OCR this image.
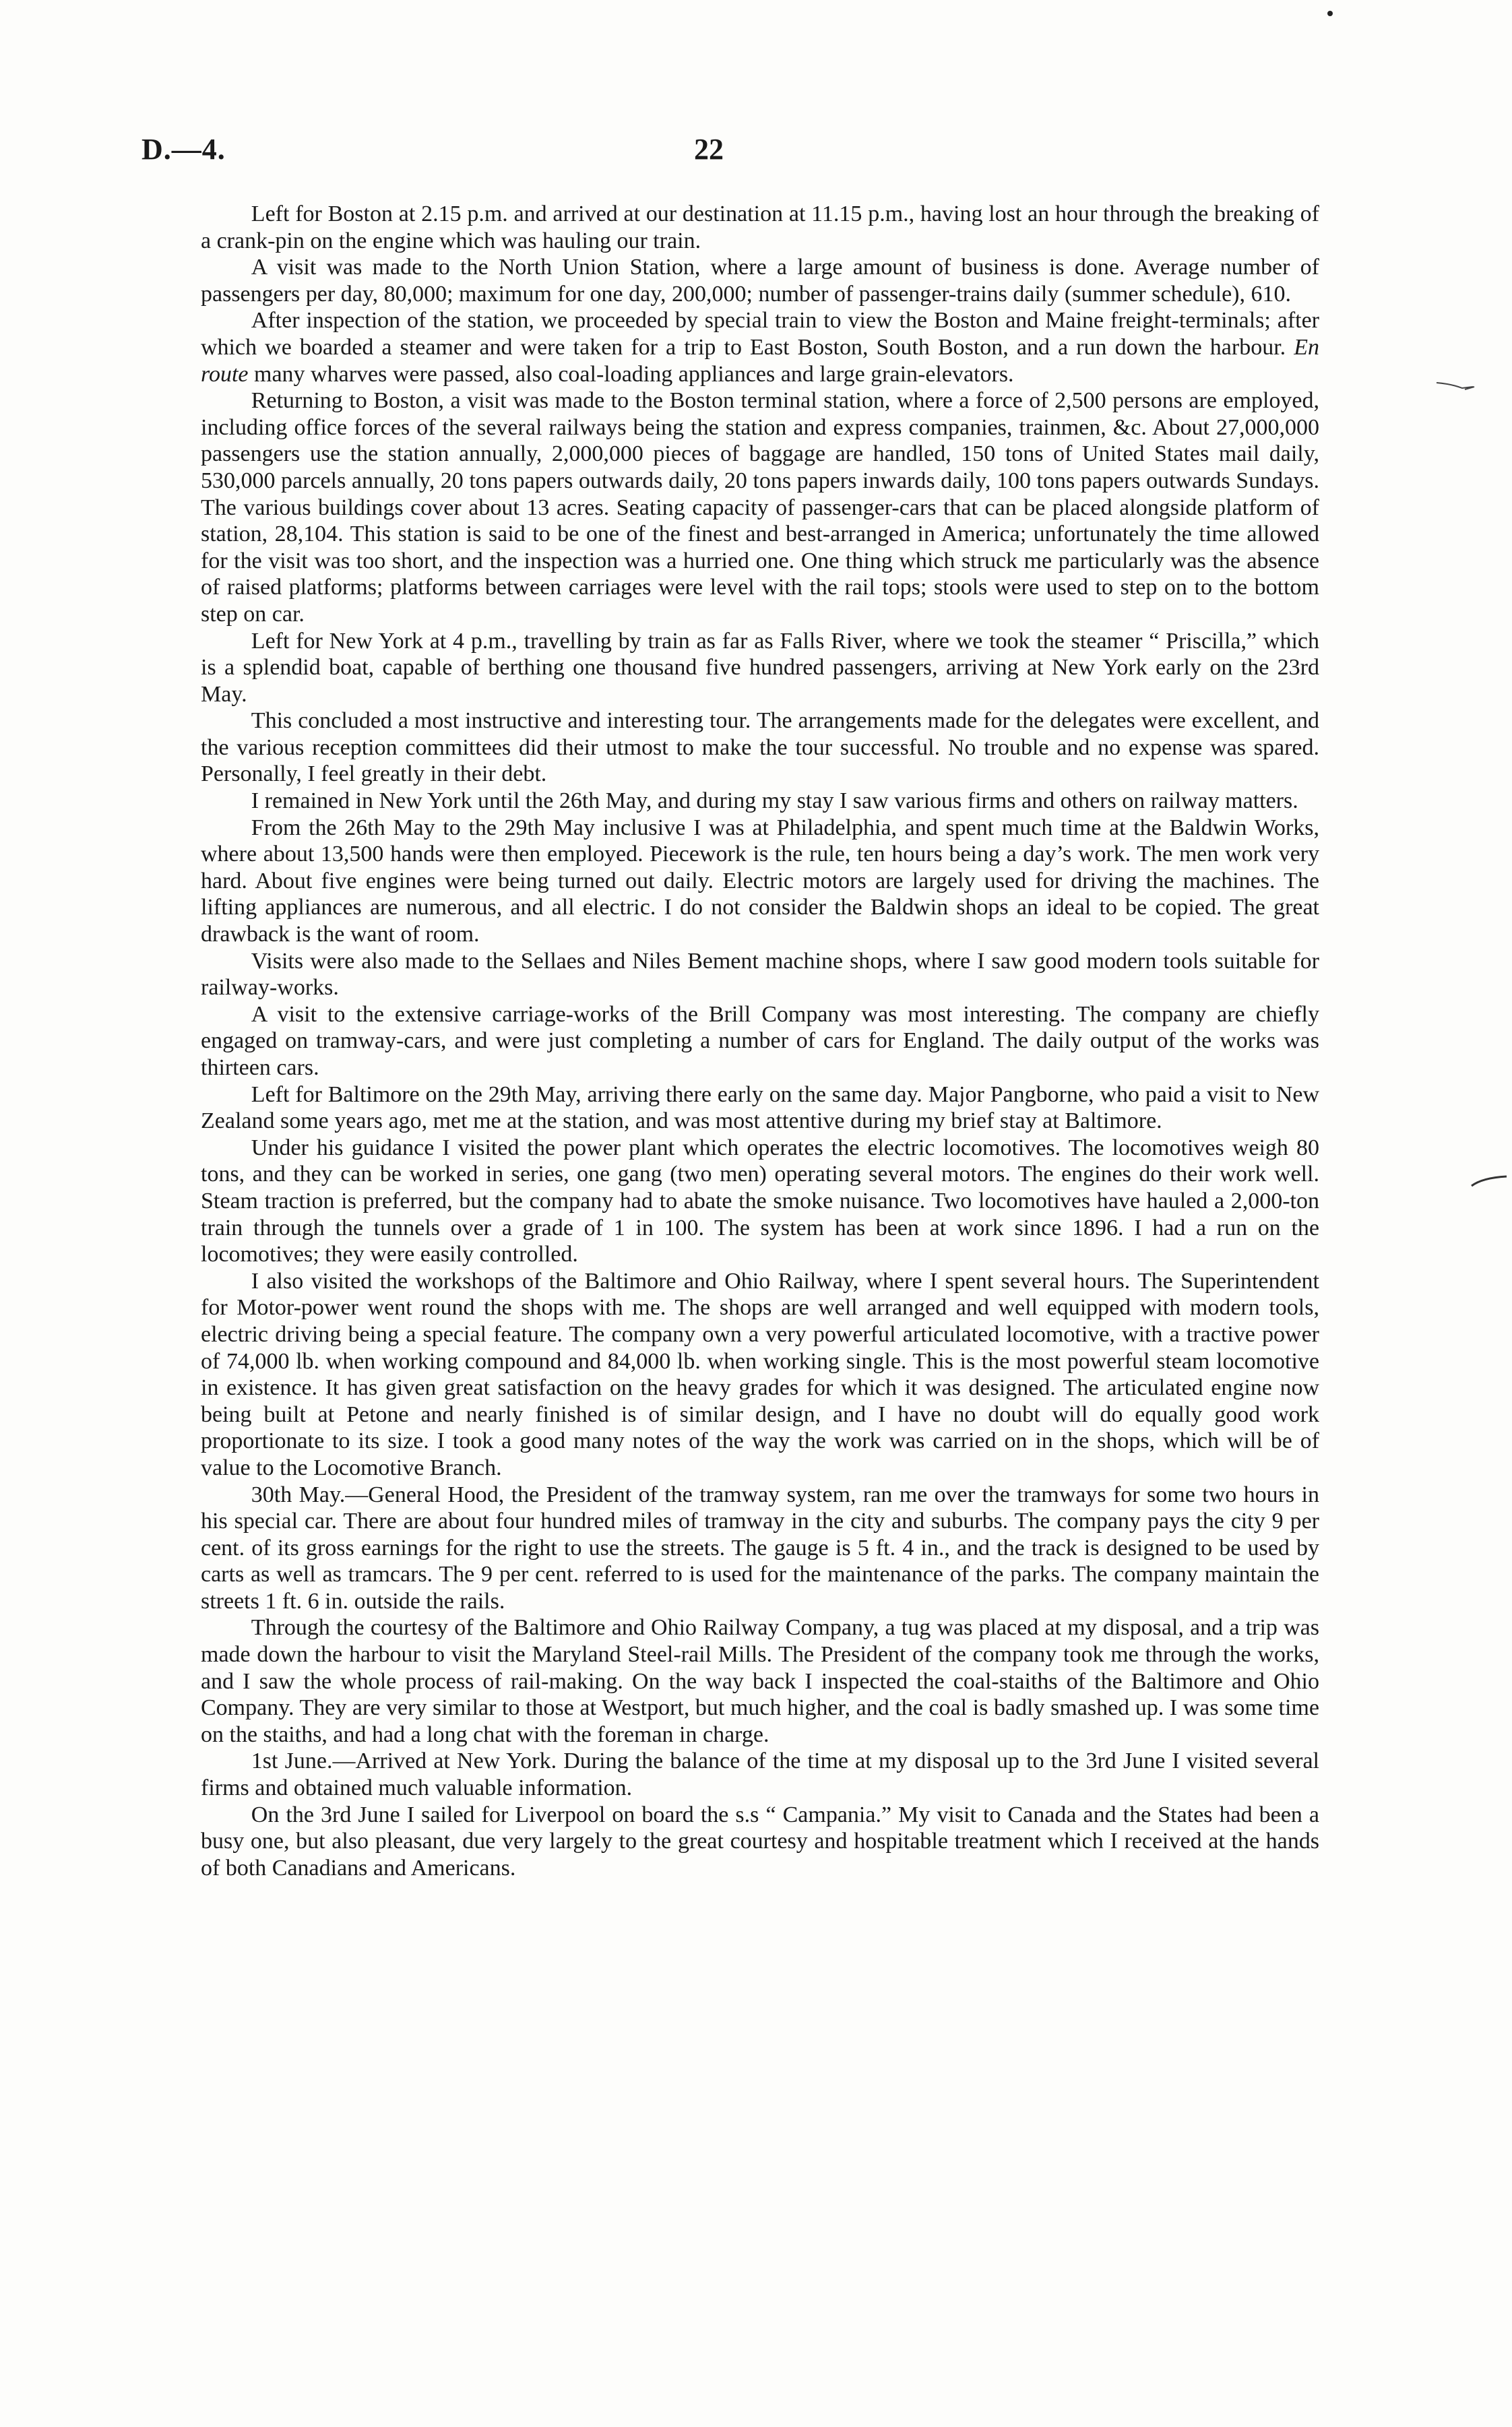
D.—4.	22

Left for Boston at 2.15 p.m. and arrived at our destination at 11.15 p.m., having lost an hour through the breaking of a crank-pin on the engine which was hauling our train.

A visit was made to the North Union Station, where a large amount of business is done. Average number of passengers per day, 80,000; maximum for one day, 200,000; number of passenger-trains daily (summer schedule), 610.

After inspection of the station, we proceeded by special train to view the Boston and Maine freight-terminals; after which we boarded a steamer and were taken for a trip to East Boston, South Boston, and a run down the harbour. En route many wharves were passed, also coal-loading appliances and large grain-elevators.

Returning to Boston, a visit was made to the Boston terminal station, where a force of 2,500 persons are employed, including office forces of the several railways being the station and express companies, trainmen, &c. About 27,000,000 passengers use the station annually, 2,000,000 pieces of baggage are handled, 150 tons of United States mail daily, 530,000 parcels annually, 20 tons papers outwards daily, 20 tons papers inwards daily, 100 tons papers outwards Sundays. The various buildings cover about 13 acres. Seating capacity of passenger-cars that can be placed alongside platform of station, 28,104. This station is said to be one of the finest and best-arranged in America; unfortunately the time allowed for the visit was too short, and the inspection was a hurried one. One thing which struck me particularly was the absence of raised platforms; platforms between carriages were level with the rail tops; stools were used to step on to the bottom step on car.

Left for New York at 4 p.m., travelling by train as far as Falls River, where we took the steamer “ Priscilla,” which is a splendid boat, capable of berthing one thousand five hundred passengers, arriving at New York early on the 23rd May.

This concluded a most instructive and interesting tour. The arrangements made for the delegates were excellent, and the various reception committees did their utmost to make the tour successful. No trouble and no expense was spared. Personally, I feel greatly in their debt.

I remained in New York until the 26th May, and during my stay I saw various firms and others on railway matters.

From the 26th May to the 29th May inclusive I was at Philadelphia, and spent much time at the Baldwin Works, where about 13,500 hands were then employed. Piecework is the rule, ten hours being a day’s work. The men work very hard. About five engines were being turned out daily. Electric motors are largely used for driving the machines. The lifting appliances are numerous, and all electric. I do not consider the Baldwin shops an ideal to be copied. The great drawback is the want of room.

Visits were also made to the Sellaes and Niles Bement machine shops, where I saw good modern tools suitable for railway-works.

A visit to the extensive carriage-works of the Brill Company was most interesting. The company are chiefly engaged on tramway-cars, and were just completing a number of cars for England. The daily output of the works was thirteen cars.

Left for Baltimore on the 29th May, arriving there early on the same day. Major Pangborne, who paid a visit to New Zealand some years ago, met me at the station, and was most attentive during my brief stay at Baltimore.

Under his guidance I visited the power plant which operates the electric locomotives. The locomotives weigh 80 tons, and they can be worked in series, one gang (two men) operating several motors. The engines do their work well. Steam traction is preferred, but the company had to abate the smoke nuisance. Two locomotives have hauled a 2,000-ton train through the tunnels over a grade of 1 in 100. The system has been at work since 1896. I had a run on the locomotives; they were easily controlled.

I also visited the workshops of the Baltimore and Ohio Railway, where I spent several hours. The Superintendent for Motor-power went round the shops with me. The shops are well arranged and well equipped with modern tools, electric driving being a special feature. The company own a very powerful articulated locomotive, with a tractive power of 74,000 lb. when working compound and 84,000 lb. when working single. This is the most powerful steam locomotive in existence. It has given great satisfaction on the heavy grades for which it was designed. The articulated engine now being built at Petone and nearly finished is of similar design, and I have no doubt will do equally good work proportionate to its size. I took a good many notes of the way the work was carried on in the shops, which will be of value to the Locomotive Branch.

30th May.—General Hood, the President of the tramway system, ran me over the tramways for some two hours in his special car. There are about four hundred miles of tramway in the city and suburbs. The company pays the city 9 per cent. of its gross earnings for the right to use the streets. The gauge is 5 ft. 4 in., and the track is designed to be used by carts as well as tramcars. The 9 per cent. referred to is used for the maintenance of the parks. The company maintain the streets 1 ft. 6 in. outside the rails.

Through the courtesy of the Baltimore and Ohio Railway Company, a tug was placed at my disposal, and a trip was made down the harbour to visit the Maryland Steel-rail Mills. The President of the company took me through the works, and I saw the whole process of rail-making. On the way back I inspected the coal-staiths of the Baltimore and Ohio Company. They are very similar to those at Westport, but much higher, and the coal is badly smashed up. I was some time on the staiths, and had a long chat with the foreman in charge.

1st June.—Arrived at New York. During the balance of the time at my disposal up to the 3rd June I visited several firms and obtained much valuable information.

On the 3rd June I sailed for Liverpool on board the s.s “ Campania.” My visit to Canada and the States had been a busy one, but also pleasant, due very largely to the great courtesy and hospitable treatment which I received at the hands of both Canadians and Americans.
